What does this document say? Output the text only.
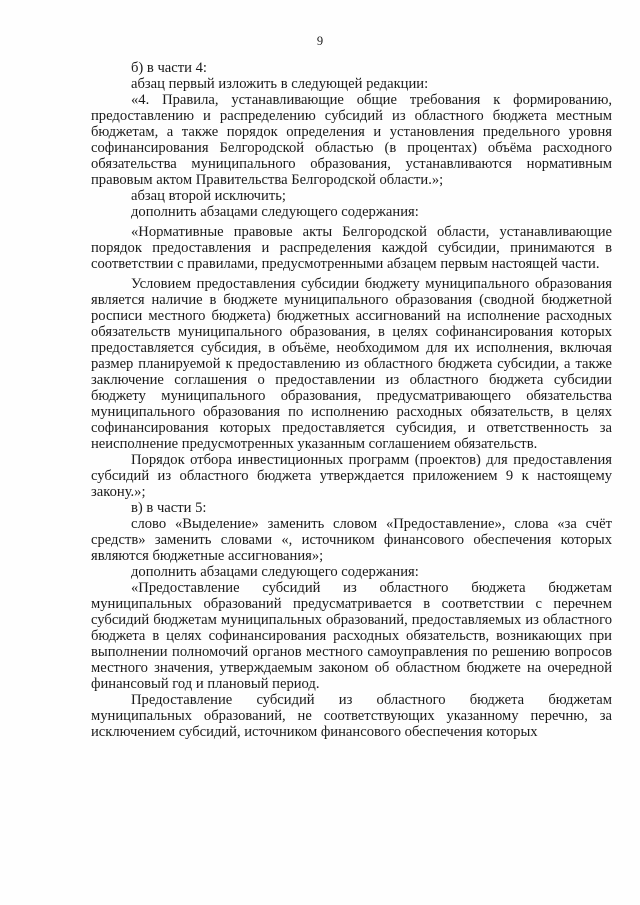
9

б) в части 4:

абзац первый изложить в следующей редакции:

«4. Правила, устанавливающие общие требования к формированию, предоставлению и распределению субсидий из областного бюджета местным бюджетам, а также порядок определения и установления предельного уровня софинансирования Белгородской областью (в процентах) объёма расходного обязательства муниципального образования, устанавливаются нормативным правовым актом Правительства Белгородской области.»;

абзац второй исключить;

дополнить абзацами следующего содержания:

«Нормативные правовые акты Белгородской области, устанавливающие порядок предоставления и распределения каждой субсидии, принимаются в соответствии с правилами, предусмотренными абзацем первым настоящей части.

Условием предоставления субсидии бюджету муниципального образования является наличие в бюджете муниципального образования (сводной бюджетной росписи местного бюджета) бюджетных ассигнований на исполнение расходных обязательств муниципального образования, в целях софинансирования которых предоставляется субсидия, в объёме, необходимом для их исполнения, включая размер планируемой к предоставлению из областного бюджета субсидии, а также заключение соглашения о предоставлении из областного бюджета субсидии бюджету муниципального образования, предусматривающего обязательства муниципального образования по исполнению расходных обязательств, в целях софинансирования которых предоставляется субсидия, и ответственность за неисполнение предусмотренных указанным соглашением обязательств.

Порядок отбора инвестиционных программ (проектов) для предоставления субсидий из областного бюджета утверждается приложением 9 к настоящему закону.»;

в) в части 5:

слово «Выделение» заменить словом «Предоставление», слова «за счёт средств» заменить словами «, источником финансового обеспечения которых являются бюджетные ассигнования»;

дополнить абзацами следующего содержания:

«Предоставление субсидий из областного бюджета бюджетам муниципальных образований предусматривается в соответствии с перечнем субсидий бюджетам муниципальных образований, предоставляемых из областного бюджета в целях софинансирования расходных обязательств, возникающих при выполнении полномочий органов местного самоуправления по решению вопросов местного значения, утверждаемым законом об областном бюджете на очередной финансовый год и плановый период.

Предоставление субсидий из областного бюджета бюджетам муниципальных образований, не соответствующих указанному перечню, за исключением субсидий, источником финансового обеспечения которых
